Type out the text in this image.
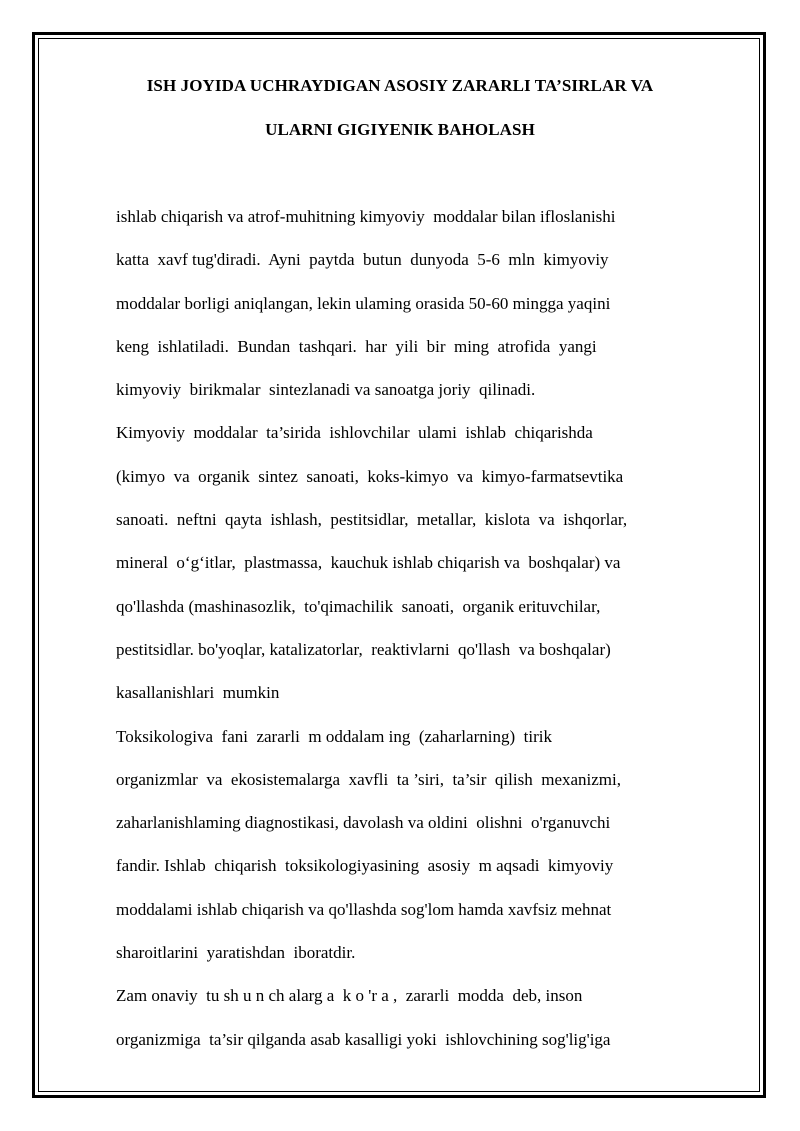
ISH JOYIDA UCHRAYDIGAN ASOSIY ZARARLI TA’SIRLAR VA
ULARNI GIGIYENIK BAHOLASH
ishlab chiqarish va atrof-muhitning kimyoviy  moddalar bilan ifloslanishi
katta  xavf tug'diradi.  Ayni  paytda  butun  dunyoda  5-6  mln  kimyoviy
moddalar borligi aniqlangan, lekin ulaming orasida 50-60 mingga yaqini
keng  ishlatiladi.  Bundan  tashqari.  har  yili  bir  ming  atrofida  yangi
kimyoviy  birikmalar  sintezlanadi va sanoatga joriy  qilinadi.
Kimyoviy  moddalar  ta’sirida  ishlovchilar  ulami  ishlab  chiqarishda
(kimyo  va  organik  sintez  sanoati,  koks-kimyo  va  kimyo-farmatsevtika
sanoati.  neftni  qayta  ishlash,  pestitsidlar,  metallar,  kislota  va  ishqorlar,
mineral  o‘g‘itlar,  plastmassa,  kauchuk ishlab chiqarish va  boshqalar) va
qo'llashda (mashinasozlik,  to'qimachilik  sanoati,  organik erituvchilar,
pestitsidlar. bo'yoqlar, katalizatorlar,  reaktivlarni  qo'llash  va boshqalar)
kasallanishlari  mumkin
Toksikologiva  fani  zararli  m oddalam ing  (zaharlarning)  tirik
organizmlar  va  ekosistemalarga  xavfli  ta ’siri,  ta’sir  qilish  mexanizmi,
zaharlanishlaming diagnostikasi, davolash va oldini  olishni  o'rganuvchi
fandir. Ishlab  chiqarish  toksikologiyasining  asosiy  m aqsadi  kimyoviy
moddalami ishlab chiqarish va qo'llashda sog'lom hamda xavfsiz mehnat
sharoitlarini  yaratishdan  iboratdir.
Zam onaviy  tu sh u n ch alarg a  k o 'r a ,  zararli  modda  deb, inson
organizmiga  ta’sir qilganda asab kasalligi yoki  ishlovchining sog'lig'iga
